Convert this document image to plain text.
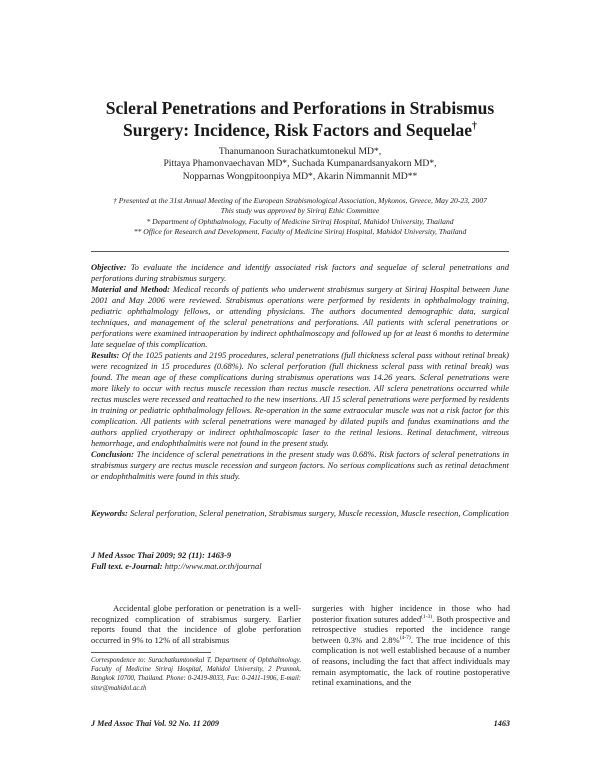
Scleral Penetrations and Perforations in Strabismus
Surgery: Incidence, Risk Factors and Sequelae†
Thanumanoon Surachatkumtonekul MD*,
Pittaya Phamonvaechavan MD*, Suchada Kumpanardsanyakorn MD*,
Nopparnas Wongpitoonpiya MD*, Akarin Nimmannit MD**
† Presented at the 31st Annual Meeting of the European Strabismological Association, Mykonos, Greece, May 20-23, 2007
This study was approved by Siriraj Ethic Committee
* Department of Ophthalmology, Faculty of Medicine Siriraj Hospital, Mahidol University, Thailand
** Office for Research and Development, Faculty of Medicine Siriraj Hospital, Mahidol University, Thailand

Objective: To evaluate the incidence and identify associated risk factors and sequelae of scleral penetrations and perforations during strabismus surgery.

Material and Method: Medical records of patients who underwent strabismus surgery at Siriraj Hospital between June 2001 and May 2006 were reviewed. Strabismus operations were performed by residents in ophthalmology training, pediatric ophthalmology fellows, or attending physicians. The authors documented demographic data, surgical techniques, and management of the scleral penetrations and perforations. All patients with scleral penetrations or perforations were examined intraoperation by indirect ophthalmoscopy and followed up for at least 6 months to determine late sequelae of this complication.

Results: Of the 1025 patients and 2195 procedures, scleral penetrations (full thickness scleral pass without retinal break) were recognized in 15 procedures (0.68%). No scleral perforation (full thickness scleral pass with retinal break) was found. The mean age of these complications during strabismus operations was 14.26 years. Scleral penetrations were more likely to occur with rectus muscle recession than rectus muscle resection. All sclera penetrations occurred while rectus muscles were recessed and reattached to the new insertions. All 15 scleral penetrations were performed by residents in training or pediatric ophthalmology fellows. Re-operation in the same extraocular muscle was not a risk factor for this complication. All patients with scleral penetrations were managed by dilated pupils and fundus examinations and the authors applied cryotherapy or indirect ophthalmoscopic laser to the retinal lesions. Retinal detachment, vitreous hemorrhage, and endophthalmitis were not found in the present study.

Conclusion: The incidence of scleral penetrations in the present study was 0.68%. Risk factors of scleral penetrations in strabismus surgery are rectus muscle recession and surgeon factors. No serious complications such as retinal detachment or endophthalmitis were found in this study.

Keywords: Scleral perforation, Scleral penetration, Strabismus surgery, Muscle recession, Muscle resection, Complication
J Med Assoc Thai 2009; 92 (11): 1463-9
Full text. e-Journal: http://www.mat.or.th/journal

Accidental globe perforation or penetration is a well-recognized complication of strabismus surgery. Earlier reports found that the incidence of globe perforation occurred in 9% to 12% of all strabismus

surgeries with higher incidence in those who had posterior fixation sutures added$^{(1-3)}$. Both prospective and retrospective studies reported the incidence range between 0.3% and 2.8%$^{(4-7)}$. The true incidence of this complication is not well established because of a number of reasons, including the fact that affect individuals may remain asymptomatic, the lack of routine postoperative retinal examinations, and the

Correspondence to: Surachatkumtonekul T, Department of Ophthalmology, Faculty of Medicine Siriraj Hospital, Mahidol University, 2 Prannok, Bangkok 10700, Thailand. Phone: 0-2419-8033, Fax: 0-2411-1906, E-mail: sitsr@mahidol.ac.th
J Med Assoc Thai Vol. 92 No. 11 2009	1463
